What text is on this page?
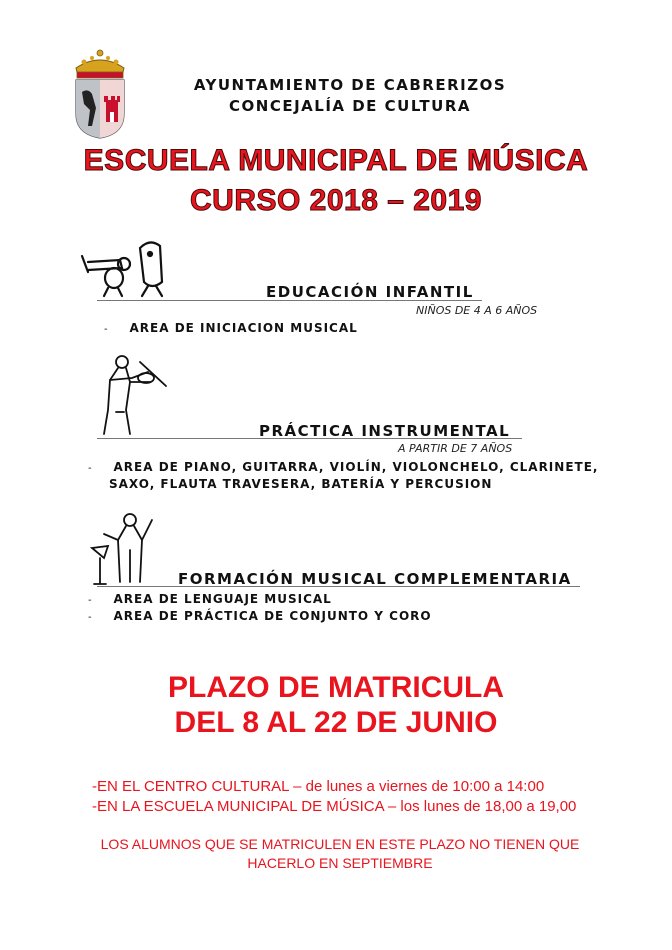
AYUNTAMIENTO DE CABRERIZOS
CONCEJALÍA DE CULTURA
ESCUELA MUNICIPAL DE MÚSICA
CURSO 2018 – 2019
EDUCACIÓN INFANTIL
NIÑOS DE 4 A 6 AÑOS
-     AREA DE INICIACION MUSICAL
PRÁCTICA INSTRUMENTAL
A PARTIR DE 7 AÑOS
-     AREA DE PIANO, GUITARRA, VIOLÍN, VIOLONCHELO, CLARINETE,
SAXO, FLAUTA TRAVESERA, BATERÍA Y PERCUSION
FORMACIÓN MUSICAL COMPLEMENTARIA
-     AREA DE LENGUAJE MUSICAL
-     AREA DE PRÁCTICA DE CONJUNTO Y CORO
PLAZO DE MATRICULA
DEL 8 AL 22 DE JUNIO
-EN EL CENTRO CULTURAL – de lunes a viernes de 10:00 a 14:00
-EN LA ESCUELA MUNICIPAL DE MÚSICA – los lunes de 18,00 a 19,00
LOS ALUMNOS QUE SE MATRICULEN EN ESTE PLAZO NO TIENEN QUE
HACERLO EN SEPTIEMBRE
